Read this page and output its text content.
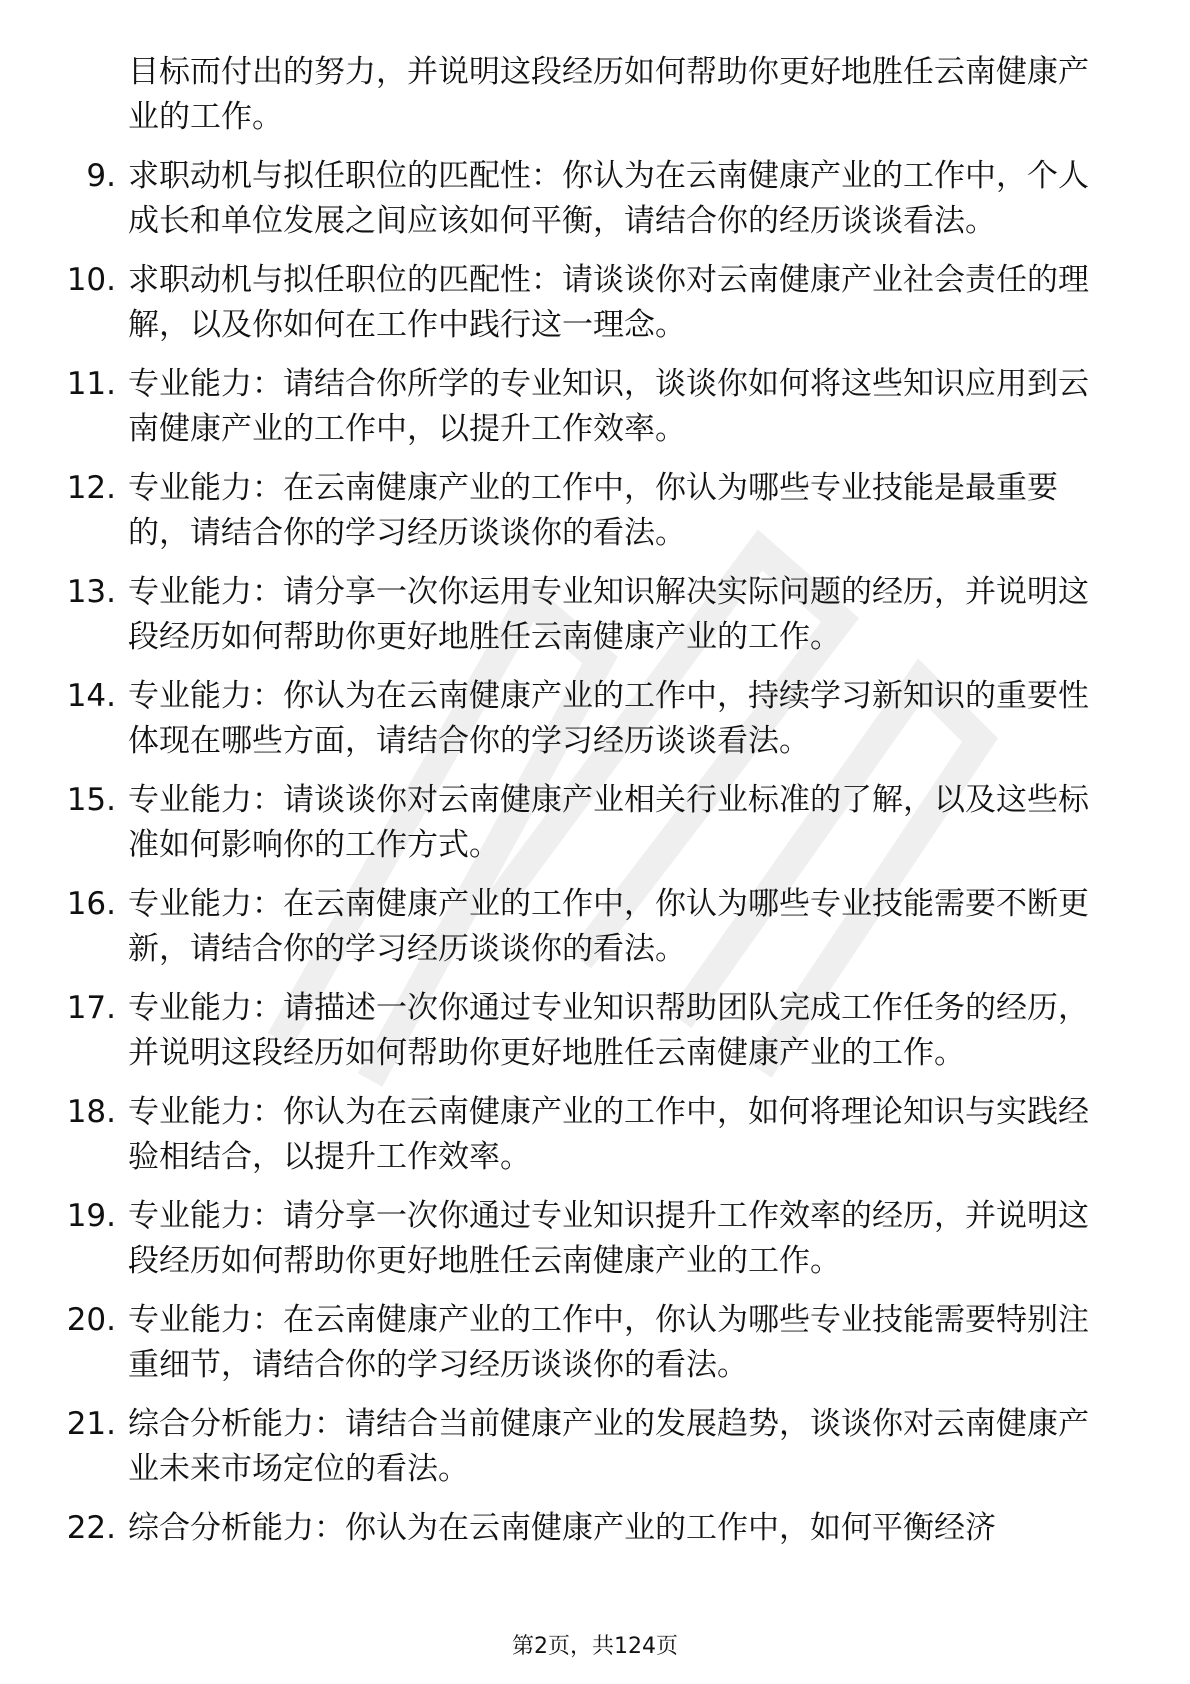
目标而付出的努力，并说明这段经历如何帮助你更好地胜任云南健康产业的工作。
9. 求职动机与拟任职位的匹配性：你认为在云南健康产业的工作中，个人成长和单位发展之间应该如何平衡，请结合你的经历谈谈看法。
10. 求职动机与拟任职位的匹配性：请谈谈你对云南健康产业社会责任的理解，以及你如何在工作中践行这一理念。
11. 专业能力：请结合你所学的专业知识，谈谈你如何将这些知识应用到云南健康产业的工作中，以提升工作效率。
12. 专业能力：在云南健康产业的工作中，你认为哪些专业技能是最重要的，请结合你的学习经历谈谈你的看法。
13. 专业能力：请分享一次你运用专业知识解决实际问题的经历，并说明这段经历如何帮助你更好地胜任云南健康产业的工作。
14. 专业能力：你认为在云南健康产业的工作中，持续学习新知识的重要性体现在哪些方面，请结合你的学习经历谈谈看法。
15. 专业能力：请谈谈你对云南健康产业相关行业标准的了解，以及这些标准如何影响你的工作方式。
16. 专业能力：在云南健康产业的工作中，你认为哪些专业技能需要不断更新，请结合你的学习经历谈谈你的看法。
17. 专业能力：请描述一次你通过专业知识帮助团队完成工作任务的经历，并说明这段经历如何帮助你更好地胜任云南健康产业的工作。
18. 专业能力：你认为在云南健康产业的工作中，如何将理论知识与实践经验相结合，以提升工作效率。
19. 专业能力：请分享一次你通过专业知识提升工作效率的经历，并说明这段经历如何帮助你更好地胜任云南健康产业的工作。
20. 专业能力：在云南健康产业的工作中，你认为哪些专业技能需要特别注重细节，请结合你的学习经历谈谈你的看法。
21. 综合分析能力：请结合当前健康产业的发展趋势，谈谈你对云南健康产业未来市场定位的看法。
22. 综合分析能力：你认为在云南健康产业的工作中，如何平衡经济
第2页，共124页
